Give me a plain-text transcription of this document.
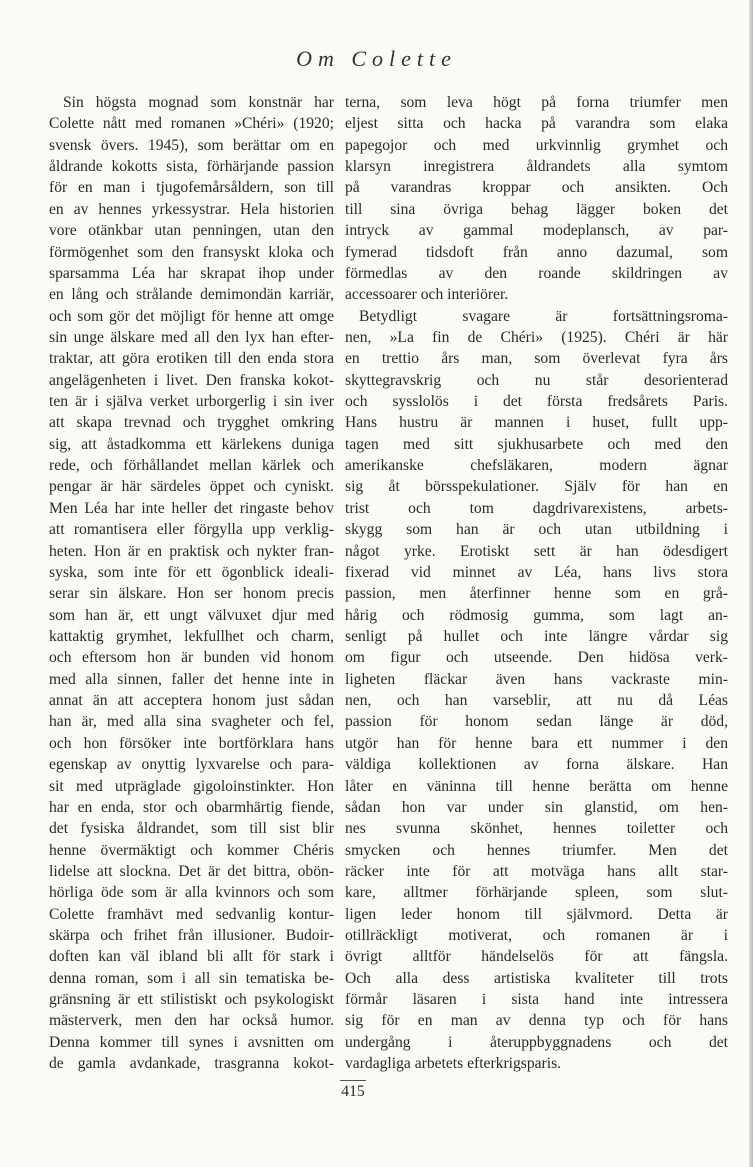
Om Colette
Sin högsta mognad som konstnär har
Colette nått med romanen »Chéri» (1920;
svensk övers. 1945), som berättar om en
åldrande kokotts sista, förhärjande passion
för en man i tjugofemårsåldern, son till
en av hennes yrkessystrar. Hela historien
vore otänkbar utan penningen, utan den
förmögenhet som den fransyskt kloka och
sparsamma Léa har skrapat ihop under
en lång och strålande demimondän karriär,
och som gör det möjligt för henne att omge
sin unge älskare med all den lyx han efter-
traktar, att göra erotiken till den enda stora
angelägenheten i livet. Den franska kokot-
ten är i själva verket urborgerlig i sin iver
att skapa trevnad och trygghet omkring
sig, att åstadkomma ett kärlekens duniga
rede, och förhållandet mellan kärlek och
pengar är här särdeles öppet och cyniskt.
Men Léa har inte heller det ringaste behov
att romantisera eller förgylla upp verklig-
heten. Hon är en praktisk och nykter fran-
syska, som inte för ett ögonblick ideali-
serar sin älskare. Hon ser honom precis
som han är, ett ungt välvuxet djur med
kattaktig grymhet, lekfullhet och charm,
och eftersom hon är bunden vid honom
med alla sinnen, faller det henne inte in
annat än att acceptera honom just sådan
han är, med alla sina svagheter och fel,
och hon försöker inte bortförklara hans
egenskap av onyttig lyxvarelse och para-
sit med utpräglade gigoloinstinkter. Hon
har en enda, stor och obarmhärtig fiende,
det fysiska åldrandet, som till sist blir
henne övermäktigt och kommer Chéris
lidelse att slockna. Det är det bittra, obön-
hörliga öde som är alla kvinnors och som
Colette framhävt med sedvanlig kontur-
skärpa och frihet från illusioner. Budoir-
doften kan väl ibland bli allt för stark i
denna roman, som i all sin tematiska be-
gränsning är ett stilistiskt och psykologiskt
mästerverk, men den har också humor.
Denna kommer till synes i avsnitten om
de gamla avdankade, trasgranna kokot-
terna, som leva högt på forna triumfer men
eljest sitta och hacka på varandra som elaka
papegojor och med urkvinnlig grymhet och
klarsyn inregistrera åldrandets alla symtom
på varandras kroppar och ansikten. Och
till sina övriga behag lägger boken det
intryck av gammal modeplansch, av par-
fymerad tidsdoft från anno dazumal, som
förmedlas av den roande skildringen av
accessoarer och interiörer.
Betydligt svagare är fortsättningsroma-
nen, »La fin de Chéri» (1925). Chéri är här
en trettio års man, som överlevat fyra års
skyttegravskrig och nu står desorienterad
och sysslolös i det första fredsårets Paris.
Hans hustru är mannen i huset, fullt upp-
tagen med sitt sjukhusarbete och med den
amerikanske chefsläkaren, modern ägnar
sig åt börsspekulationer. Själv för han en
trist och tom dagdrivarexistens, arbets-
skygg som han är och utan utbildning i
något yrke. Erotiskt sett är han ödesdigert
fixerad vid minnet av Léa, hans livs stora
passion, men återfinner henne som en grå-
hårig och rödmosig gumma, som lagt an-
senligt på hullet och inte längre vårdar sig
om figur och utseende. Den hidösa verk-
ligheten fläckar även hans vackraste min-
nen, och han varseblir, att nu då Léas
passion för honom sedan länge är död,
utgör han för henne bara ett nummer i den
väldiga kollektionen av forna älskare. Han
låter en väninna till henne berätta om henne
sådan hon var under sin glanstid, om hen-
nes svunna skönhet, hennes toiletter och
smycken och hennes triumfer. Men det
räcker inte för att motväga hans allt star-
kare, alltmer förhärjande spleen, som slut-
ligen leder honom till självmord. Detta är
otillräckligt motiverat, och romanen är i
övrigt alltför händelselös för att fängsla.
Och alla dess artistiska kvaliteter till trots
förmår läsaren i sista hand inte intressera
sig för en man av denna typ och för hans
undergång i återuppbyggnadens och det
vardagliga arbetets efterkrigsparis.
415
